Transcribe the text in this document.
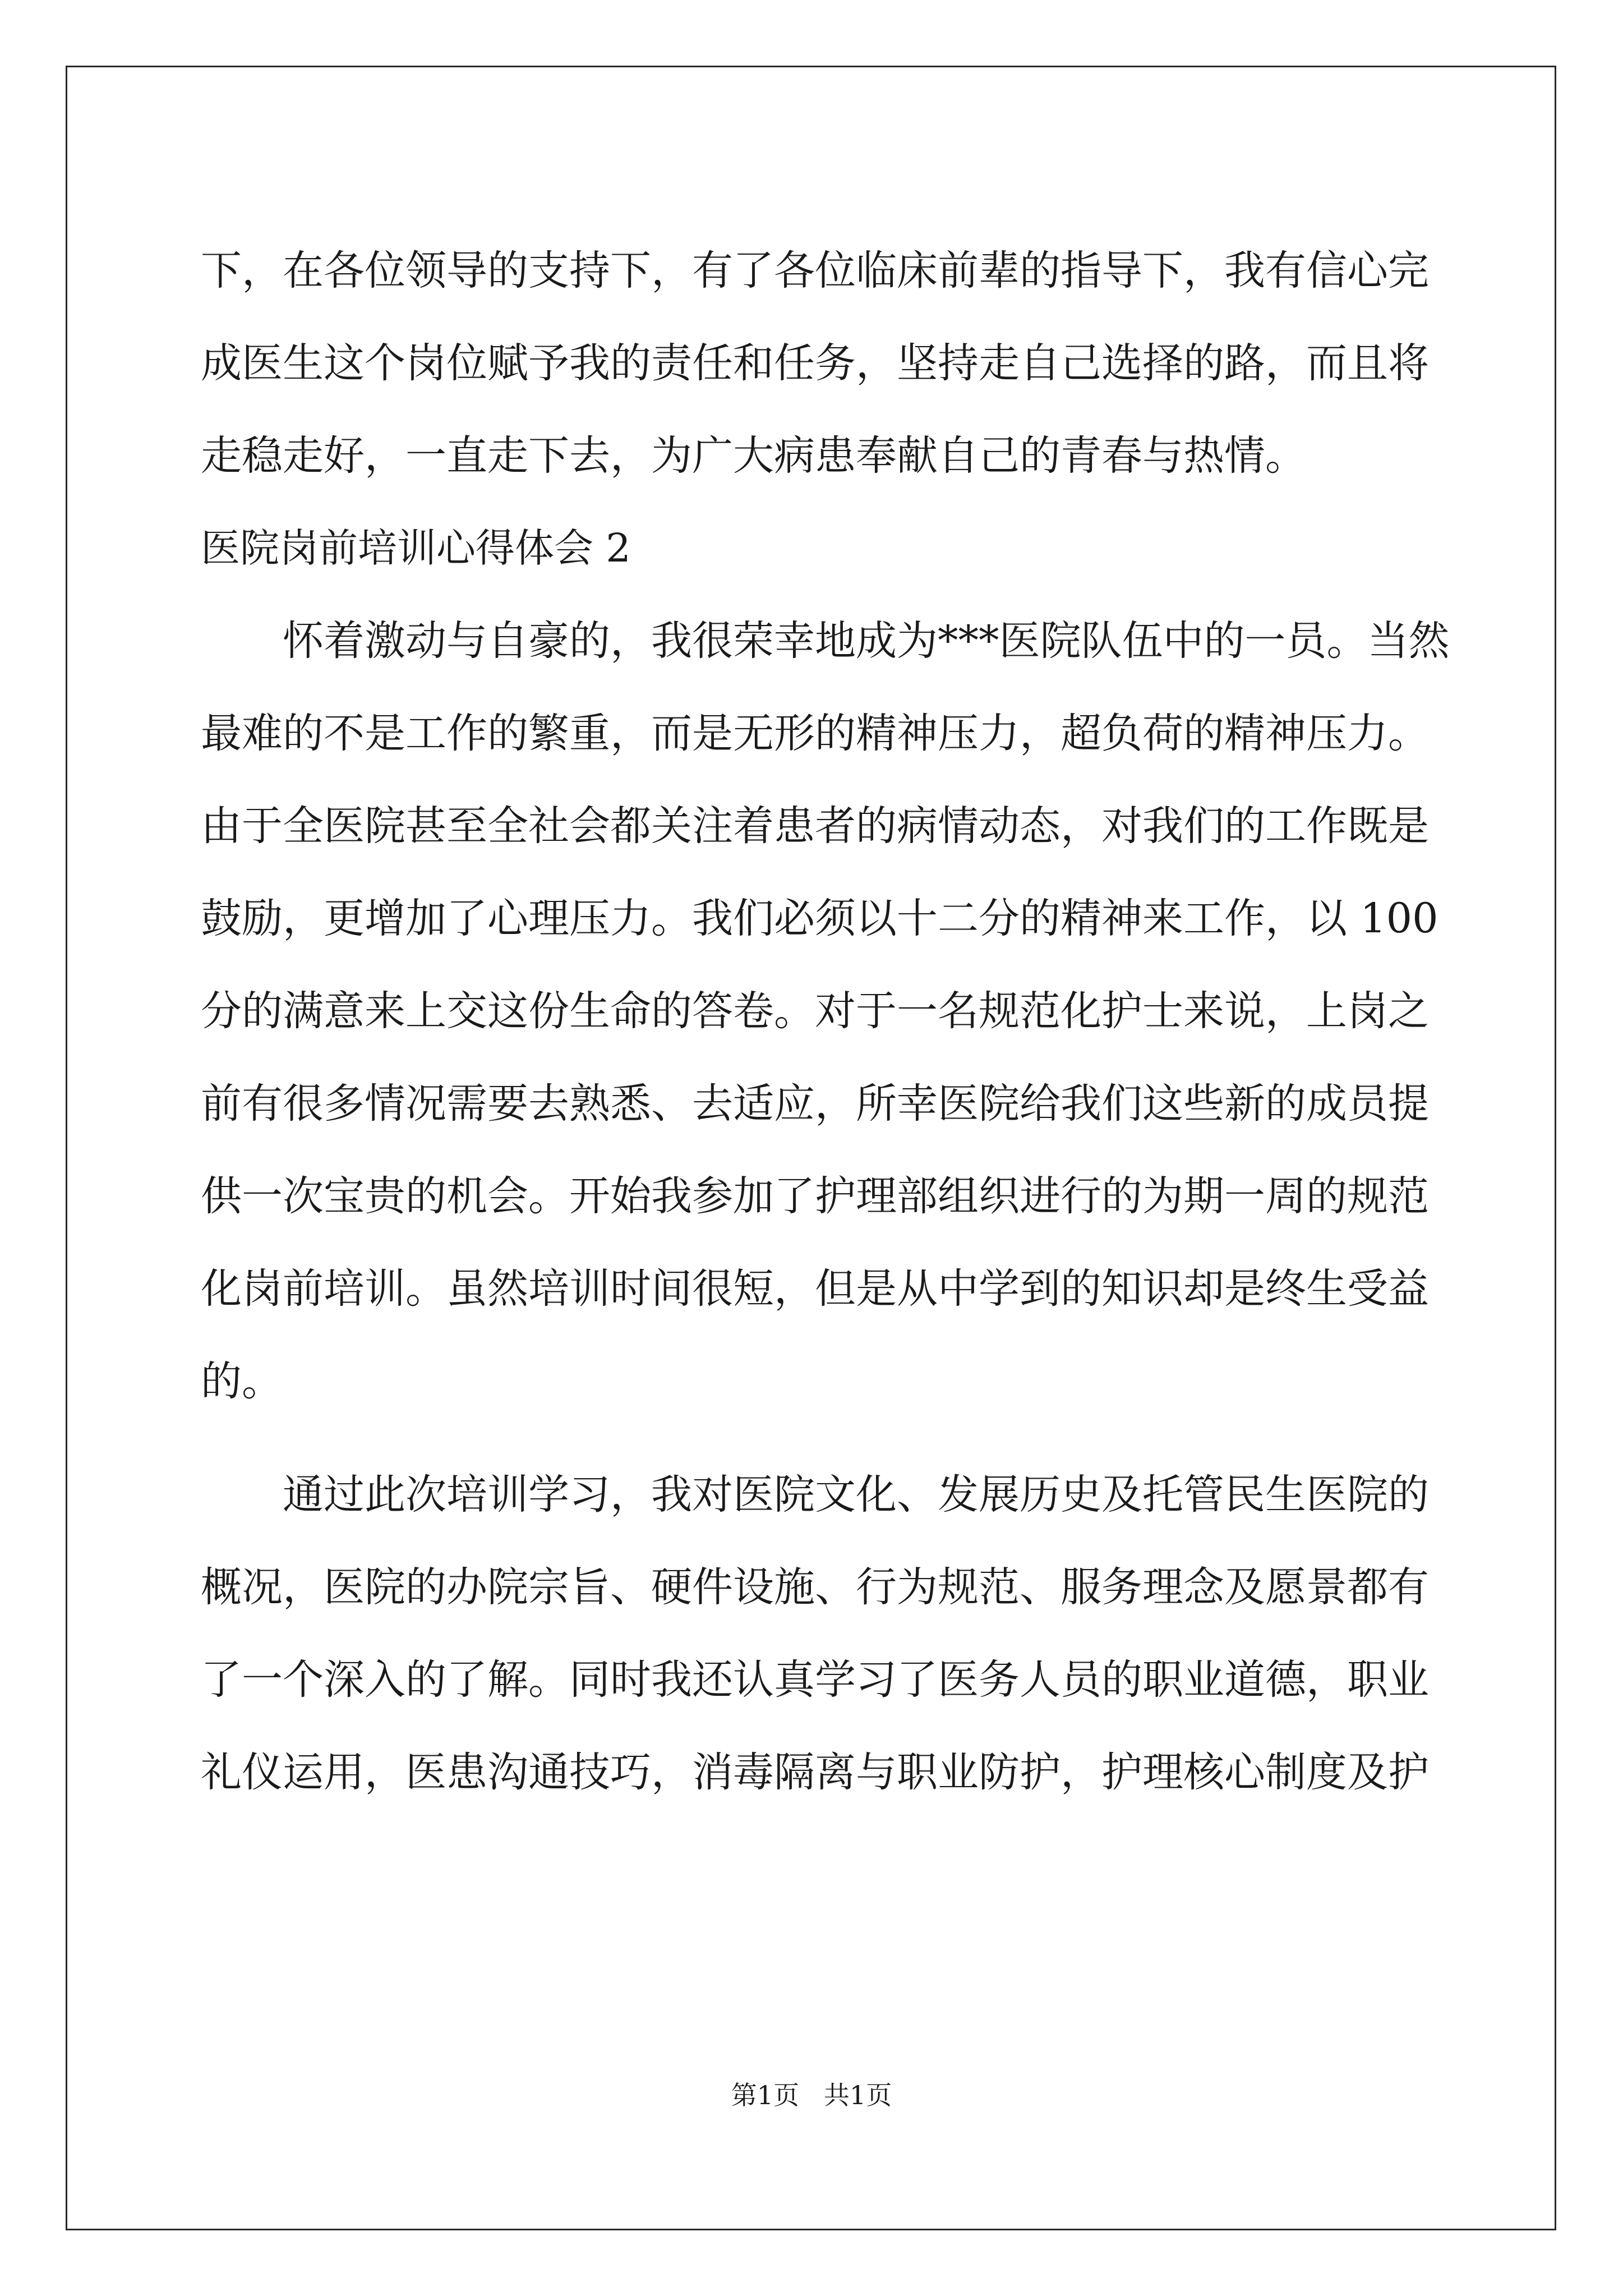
下，在各位领导的支持下，有了各位临床前辈的指导下，我有信心完
成医生这个岗位赋予我的责任和任务，坚持走自己选择的路，而且将
走稳走好，一直走下去，为广大病患奉献自己的青春与热情。
医院岗前培训心得体会 2
怀着激动与自豪的，我很荣幸地成为***医院队伍中的一员。当然
最难的不是工作的繁重，而是无形的精神压力，超负荷的精神压力。
由于全医院甚至全社会都关注着患者的病情动态，对我们的工作既是
鼓励，更增加了心理压力。我们必须以十二分的精神来工作，以 100
分的满意来上交这份生命的答卷。对于一名规范化护士来说，上岗之
前有很多情况需要去熟悉、去适应，所幸医院给我们这些新的成员提
供一次宝贵的机会。开始我参加了护理部组织进行的为期一周的规范
化岗前培训。虽然培训时间很短，但是从中学到的知识却是终生受益
的。
通过此次培训学习，我对医院文化、发展历史及托管民生医院的
概况，医院的办院宗旨、硬件设施、行为规范、服务理念及愿景都有
了一个深入的了解。同时我还认真学习了医务人员的职业道德，职业
礼仪运用，医患沟通技巧，消毒隔离与职业防护，护理核心制度及护
第1页   共1页
